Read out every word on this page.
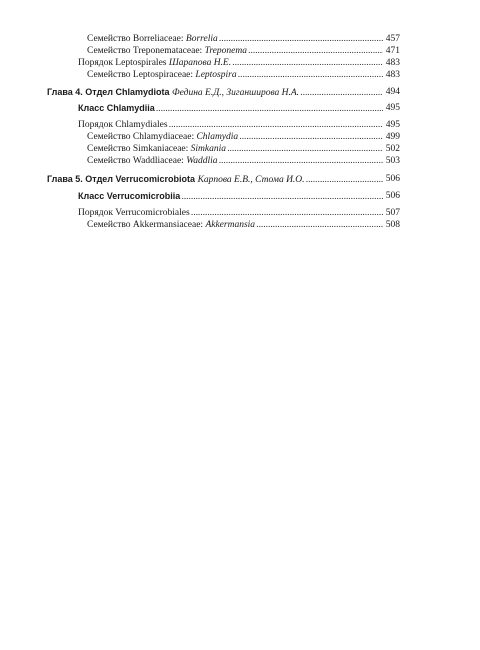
Семейство Borreliaceae: Borrelia . . .	457
Семейство Treponemataceae: Treponema . . .	471
Порядок Leptospirales Шарапова Н.Е. . . .	483
Семейство Leptospiraceae: Leptospira . . .	483
Глава 4. Отдел Chlamydiota Федина Е.Д., Зиганширова Н.А. . . .	494
Класс Chlamydiia . . .	495
Порядок Chlamydiales . . .	495
Семейство Chlamydiaceae: Chlamydia . . .	499
Семейство Simkaniaceae: Simkania . . .	502
Семейство Waddliaceae: Waddlia . . .	503
Глава 5. Отдел Verrucomicrobiota Карпова Е.В., Стома И.О. . . .	506
Класс Verrucomicrobiia . . .	506
Порядок Verrucomicrobiales . . .	507
Семейство Akkermansiaceae: Akkermansia . . .	508
